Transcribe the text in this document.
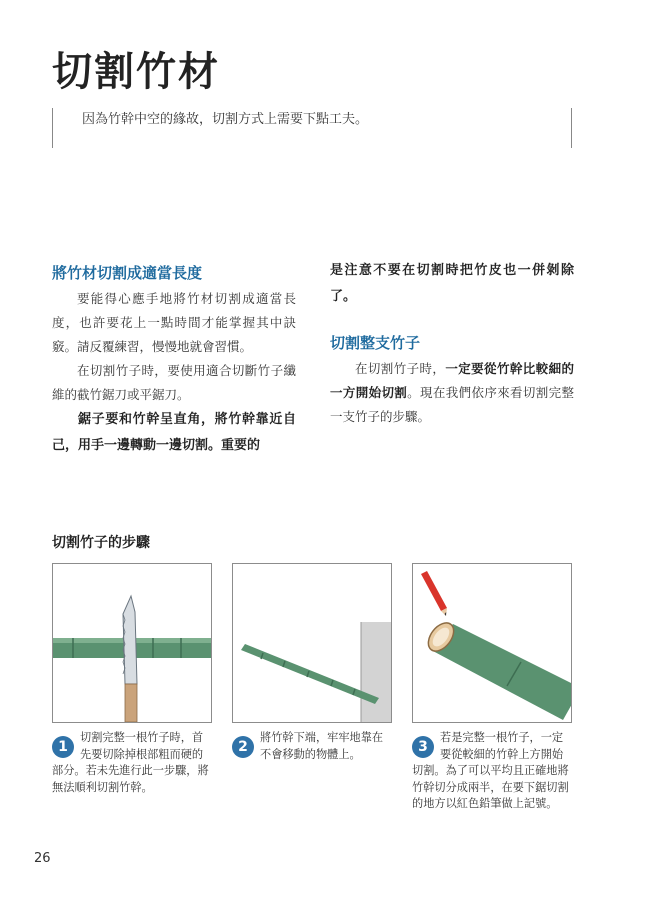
切割竹材
因為竹幹中空的緣故，切割方式上需要下點工夫。
將竹材切割成適當長度
要能得心應手地將竹材切割成適當長度，也許要花上一點時間才能掌握其中訣竅。請反覆練習，慢慢地就會習慣。
在切割竹子時，要使用適合切斷竹子纖維的截竹鋸刀或平鋸刀。
鋸子要和竹幹呈直角，將竹幹靠近自己，用手一邊轉動一邊切割。重要的
是注意不要在切割時把竹皮也一併剝除了。
切割整支竹子
在切割竹子時，一定要從竹幹比較細的一方開始切割。現在我們依序來看切割完整一支竹子的步驟。
切割竹子的步驟
1
切割完整一根竹子時，首先要切除掉根部粗而硬的部分。若未先進行此一步驟，將無法順利切割竹幹。
2
將竹幹下端，牢牢地靠在不會移動的物體上。	3
若是完整一根竹子，一定要從較細的竹幹上方開始切割。為了可以平均且正確地將竹幹切分成兩半，在要下鋸切割的地方以紅色鉛筆做上記號。
26
